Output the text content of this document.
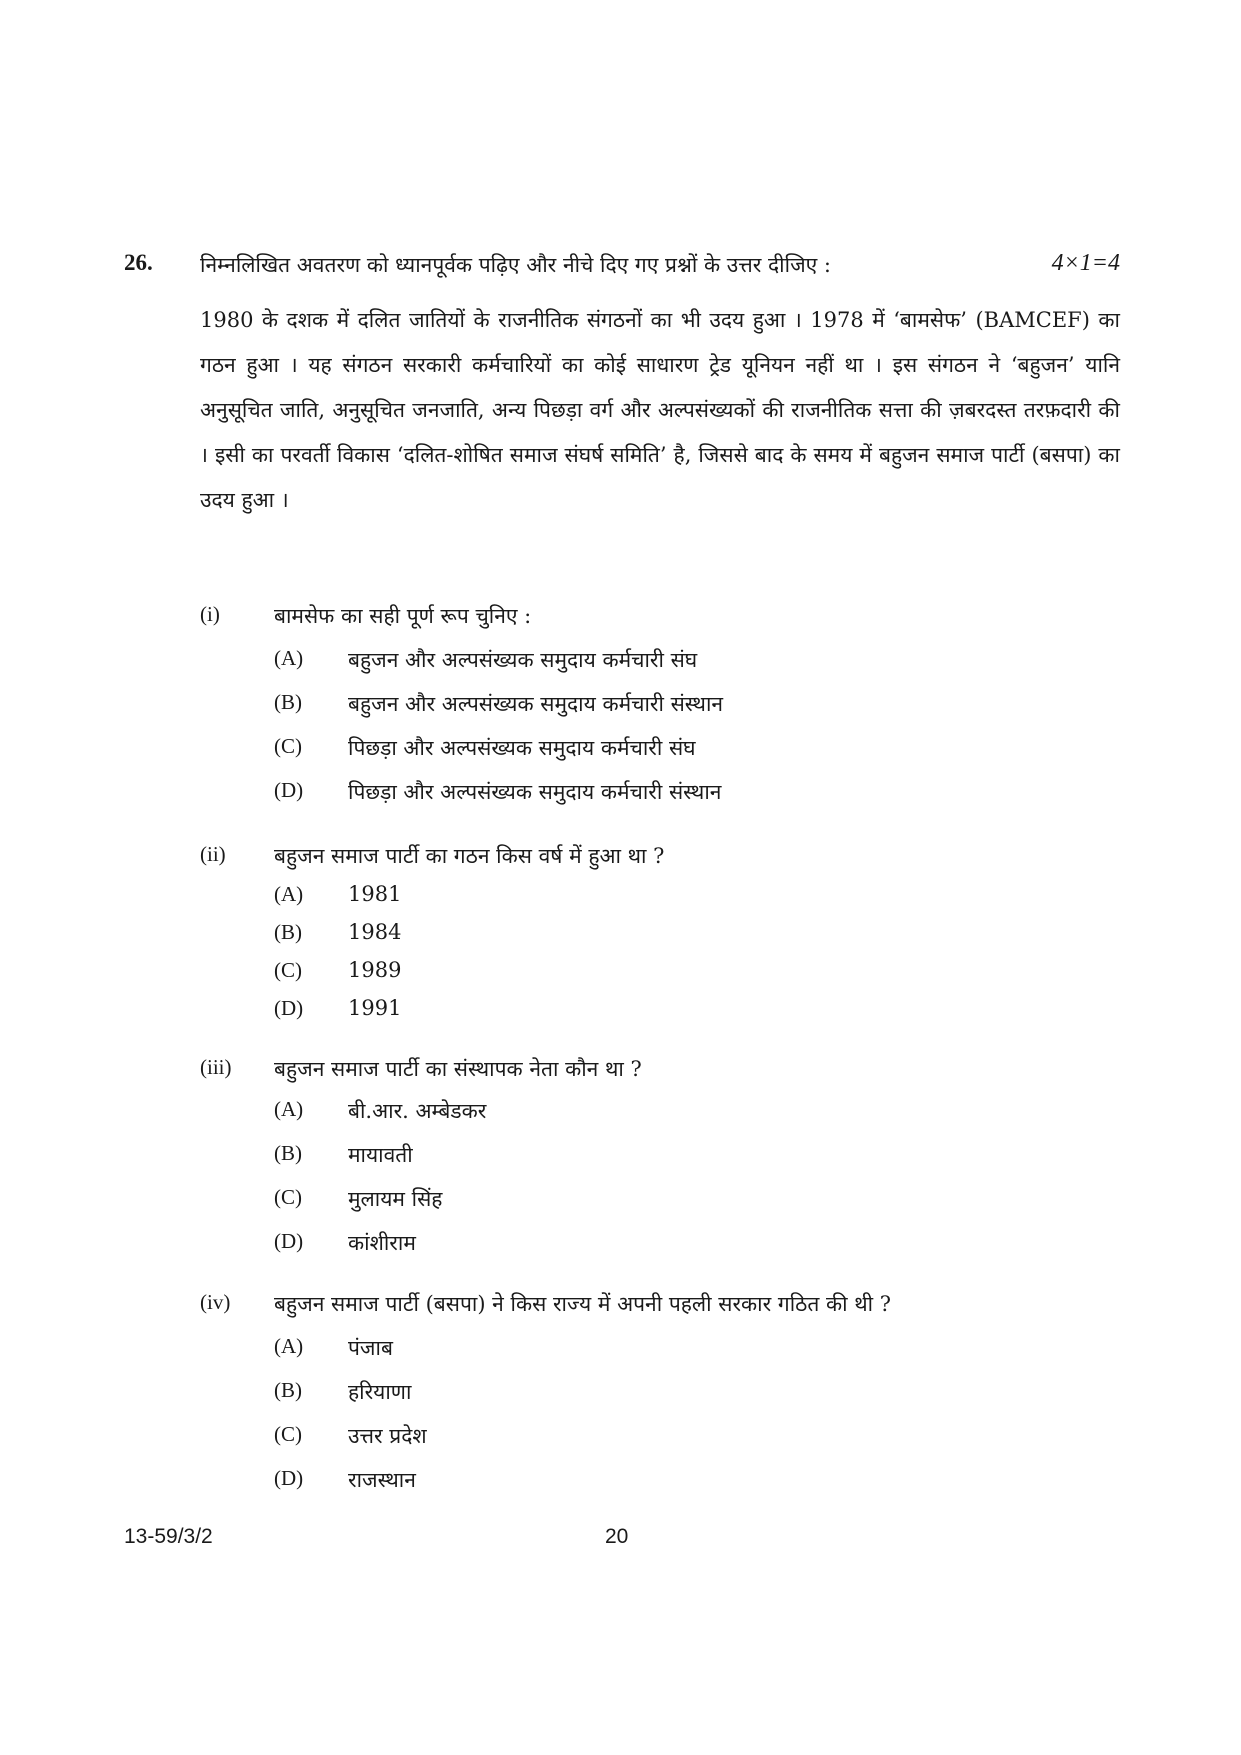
26. निम्नलिखित अवतरण को ध्यानपूर्वक पढ़िए और नीचे दिए गए प्रश्नों के उत्तर दीजिए :	4×1=4
1980 के दशक में दलित जातियों के राजनीतिक संगठनों का भी उदय हुआ । 1978 में ‘बामसेफ’ (BAMCEF) का गठन हुआ । यह संगठन सरकारी कर्मचारियों का कोई साधारण ट्रेड यूनियन नहीं था । इस संगठन ने ‘बहुजन’ यानि अनुसूचित जाति, अनुसूचित जनजाति, अन्य पिछड़ा वर्ग और अल्पसंख्यकों की राजनीतिक सत्ता की ज़बरदस्त तरफ़दारी की । इसी का परवर्ती विकास ‘दलित-शोषित समाज संघर्ष समिति’ है, जिससे बाद के समय में बहुजन समाज पार्टी (बसपा) का उदय हुआ ।
(i)	बामसेफ का सही पूर्ण रूप चुनिए :
(A) बहुजन और अल्पसंख्यक समुदाय कर्मचारी संघ
(B) बहुजन और अल्पसंख्यक समुदाय कर्मचारी संस्थान
(C) पिछड़ा और अल्पसंख्यक समुदाय कर्मचारी संघ
(D) पिछड़ा और अल्पसंख्यक समुदाय कर्मचारी संस्थान
(ii) बहुजन समाज पार्टी का गठन किस वर्ष में हुआ था ?
(A) 1981
(B) 1984
(C) 1989
(D) 1991
(iii) बहुजन समाज पार्टी का संस्थापक नेता कौन था ?
(A) बी.आर. अम्बेडकर
(B) मायावती
(C) मुलायम सिंह
(D) कांशीराम
(iv) बहुजन समाज पार्टी (बसपा) ने किस राज्य में अपनी पहली सरकार गठित की थी ?
(A) पंजाब
(B) हरियाणा
(C) उत्तर प्रदेश
(D) राजस्थान
13-59/3/2	20
